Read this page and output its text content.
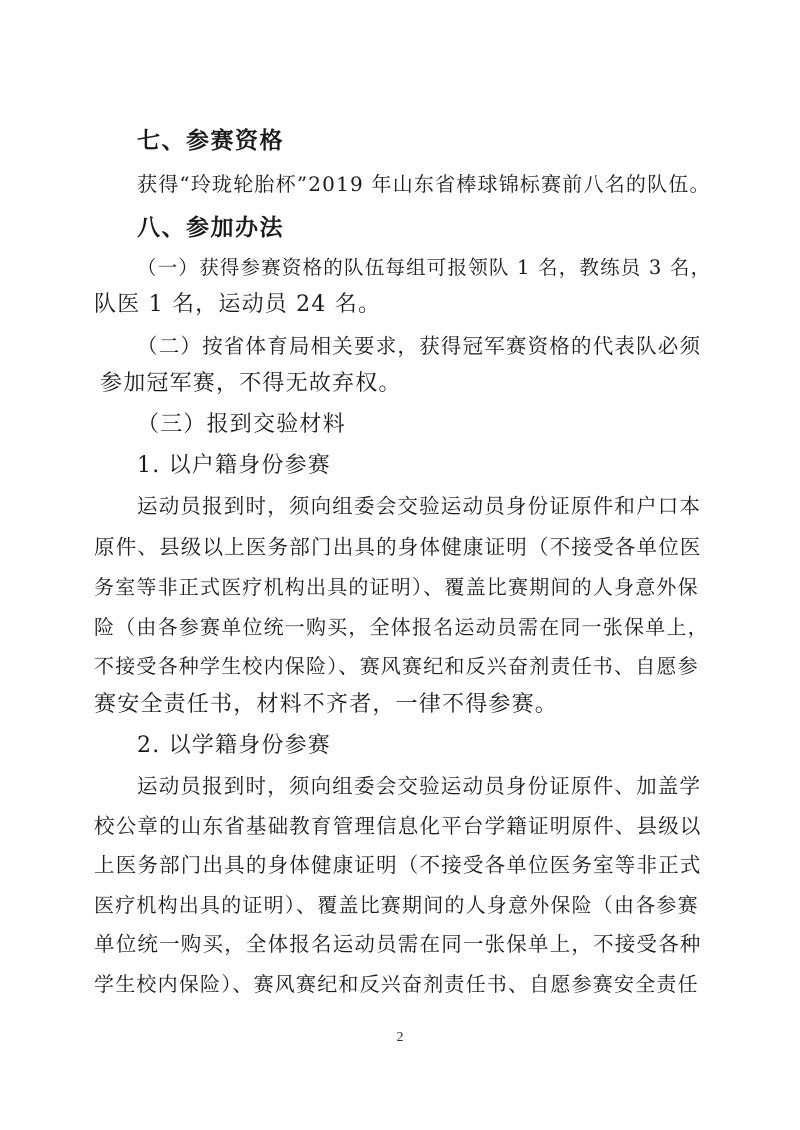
七、参赛资格
获得“玲珑轮胎杯”2019 年山东省棒球锦标赛前八名的队伍。
八、参加办法
（一）获得参赛资格的队伍每组可报领队 1 名，教练员 3 名，
队医 1 名，运动员 24 名。
（二）按省体育局相关要求，获得冠军赛资格的代表队必须
参加冠军赛，不得无故弃权。
（三）报到交验材料
1. 以户籍身份参赛
运动员报到时，须向组委会交验运动员身份证原件和户口本
原件、县级以上医务部门出具的身体健康证明（不接受各单位医
务室等非正式医疗机构出具的证明）、覆盖比赛期间的人身意外保
险（由各参赛单位统一购买，全体报名运动员需在同一张保单上，
不接受各种学生校内保险）、赛风赛纪和反兴奋剂责任书、自愿参
赛安全责任书，材料不齐者，一律不得参赛。
2. 以学籍身份参赛
运动员报到时，须向组委会交验运动员身份证原件、加盖学
校公章的山东省基础教育管理信息化平台学籍证明原件、县级以
上医务部门出具的身体健康证明（不接受各单位医务室等非正式
医疗机构出具的证明）、覆盖比赛期间的人身意外保险（由各参赛
单位统一购买，全体报名运动员需在同一张保单上，不接受各种
学生校内保险）、赛风赛纪和反兴奋剂责任书、自愿参赛安全责任
2
